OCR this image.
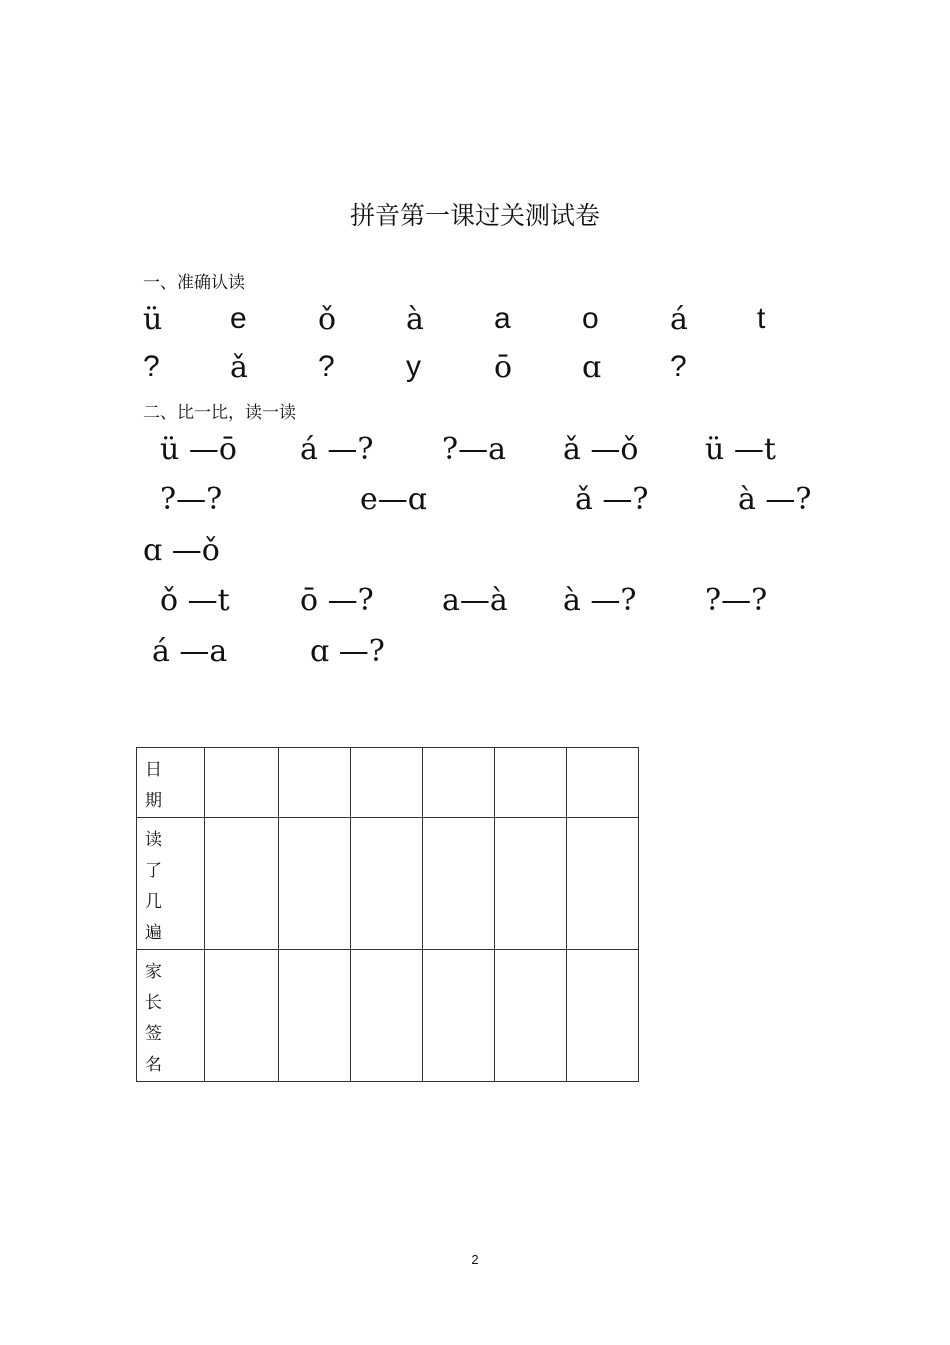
拼音第一课过关测试卷
一、准确认读
ü e ǒ à a o á t
? ǎ ? y ō ɑ ?
二、比一比，读一读
ü —ō á —? ?—a ǎ —ǒ ü —t
?—?	e—ɑ	ǎ —?	à —?
ɑ —ǒ
ǒ —t ō —? a—à à —? ?—?
á —a	ɑ —?
日 期						

读 了
几 遍						

家 长
签 名						

2
